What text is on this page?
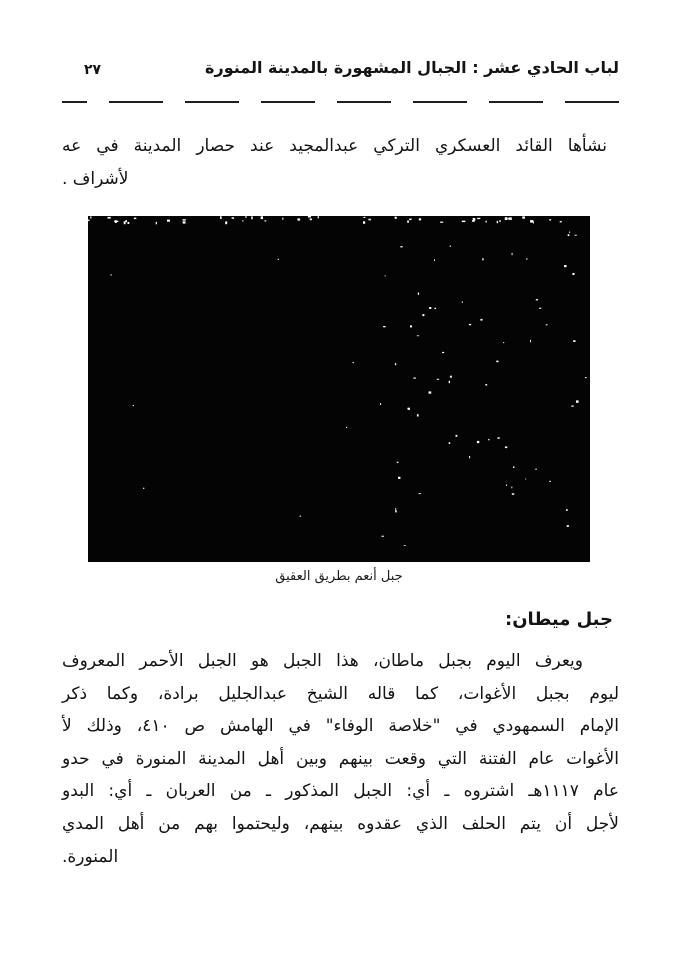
٢٧	لباب الحادي عشر : الجبال المشهورة بالمدينة المنورة
نشأها القائد العسكري التركي عبدالمجيد عند حصار المدينة في عه
لأشراف .
جبل أنعم بطريق العقيق
جبل ميطان:
ويعرف اليوم بجبل ماطان، هذا الجبل هو الجبل الأحمر المعروف
ليوم بجبل الأغوات، كما قاله الشيخ عبدالجليل برادة، وكما ذكر
الإمام السمهودي في "خلاصة الوفاء" في الهامش ص ٤١٠، وذلك لأ
الأغوات عام الفتنة التي وقعت بينهم وبين أهل المدينة المنورة في حدو
عام ١١١٧هـ اشتروه ـ أي: الجبل المذكور ـ من العربان ـ أي: البدو
لأجل أن يتم الحلف الذي عقدوه بينهم، وليحتموا بهم من أهل المدي
المنورة.
